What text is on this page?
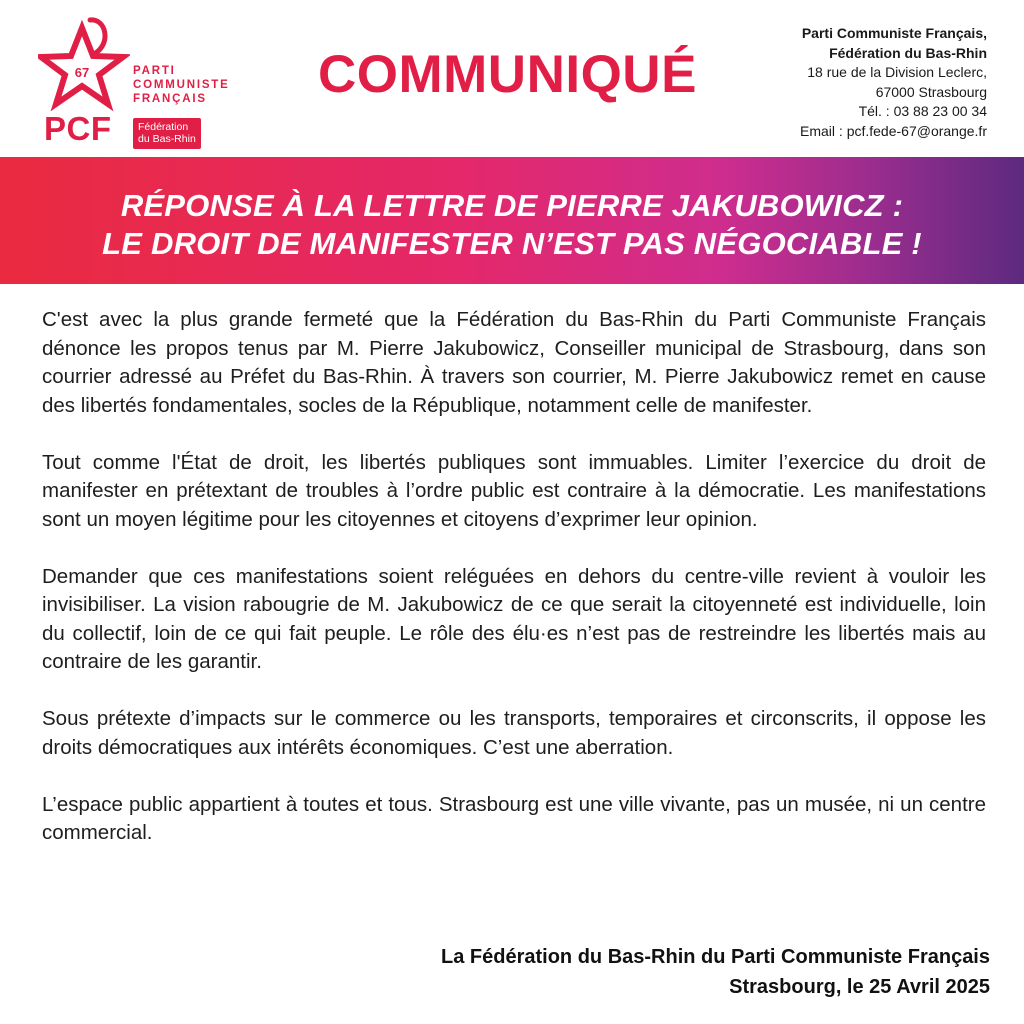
67
PCF
PARTI
COMMUNISTE
FRANÇAIS
Fédération
du Bas-Rhin
COMMUNIQUÉ
Parti Communiste Français,
Fédération du Bas-Rhin
18 rue de la Division Leclerc,
67000 Strasbourg
Tél. : 03 88 23 00 34
Email : pcf.fede-67@orange.fr
RÉPONSE À LA LETTRE DE PIERRE JAKUBOWICZ :
LE DROIT DE MANIFESTER N’EST PAS NÉGOCIABLE !

C'est avec la plus grande fermeté que la Fédération du Bas-Rhin du Parti Communiste Français dénonce les propos tenus par M. Pierre Jakubowicz, Conseiller municipal de Strasbourg, dans son courrier adressé au Préfet du Bas-Rhin. À travers son courrier, M. Pierre Jakubowicz remet en cause des libertés fondamentales, socles de la République, notamment celle de manifester.

Tout comme l'État de droit, les libertés publiques sont immuables. Limiter l’exercice du droit de manifester en prétextant de troubles à l’ordre public est contraire à la démocratie. Les manifestations sont un moyen légitime pour les citoyennes et citoyens d’exprimer leur opinion.

Demander que ces manifestations soient reléguées en dehors du centre-ville revient à vouloir les invisibiliser. La vision rabougrie de M. Jakubowicz de ce que serait la citoyenneté est individuelle, loin du collectif, loin de ce qui fait peuple. Le rôle des élu·es n’est pas de restreindre les libertés mais au contraire de les garantir.

Sous prétexte d’impacts sur le commerce ou les transports, temporaires et circonscrits, il oppose les droits démocratiques aux intérêts économiques. C’est une aberration.

L’espace public appartient à toutes et tous. Strasbourg est une ville vivante, pas un musée, ni un centre commercial.

La Fédération du Bas-Rhin du Parti Communiste Français
Strasbourg, le 25 Avril 2025
